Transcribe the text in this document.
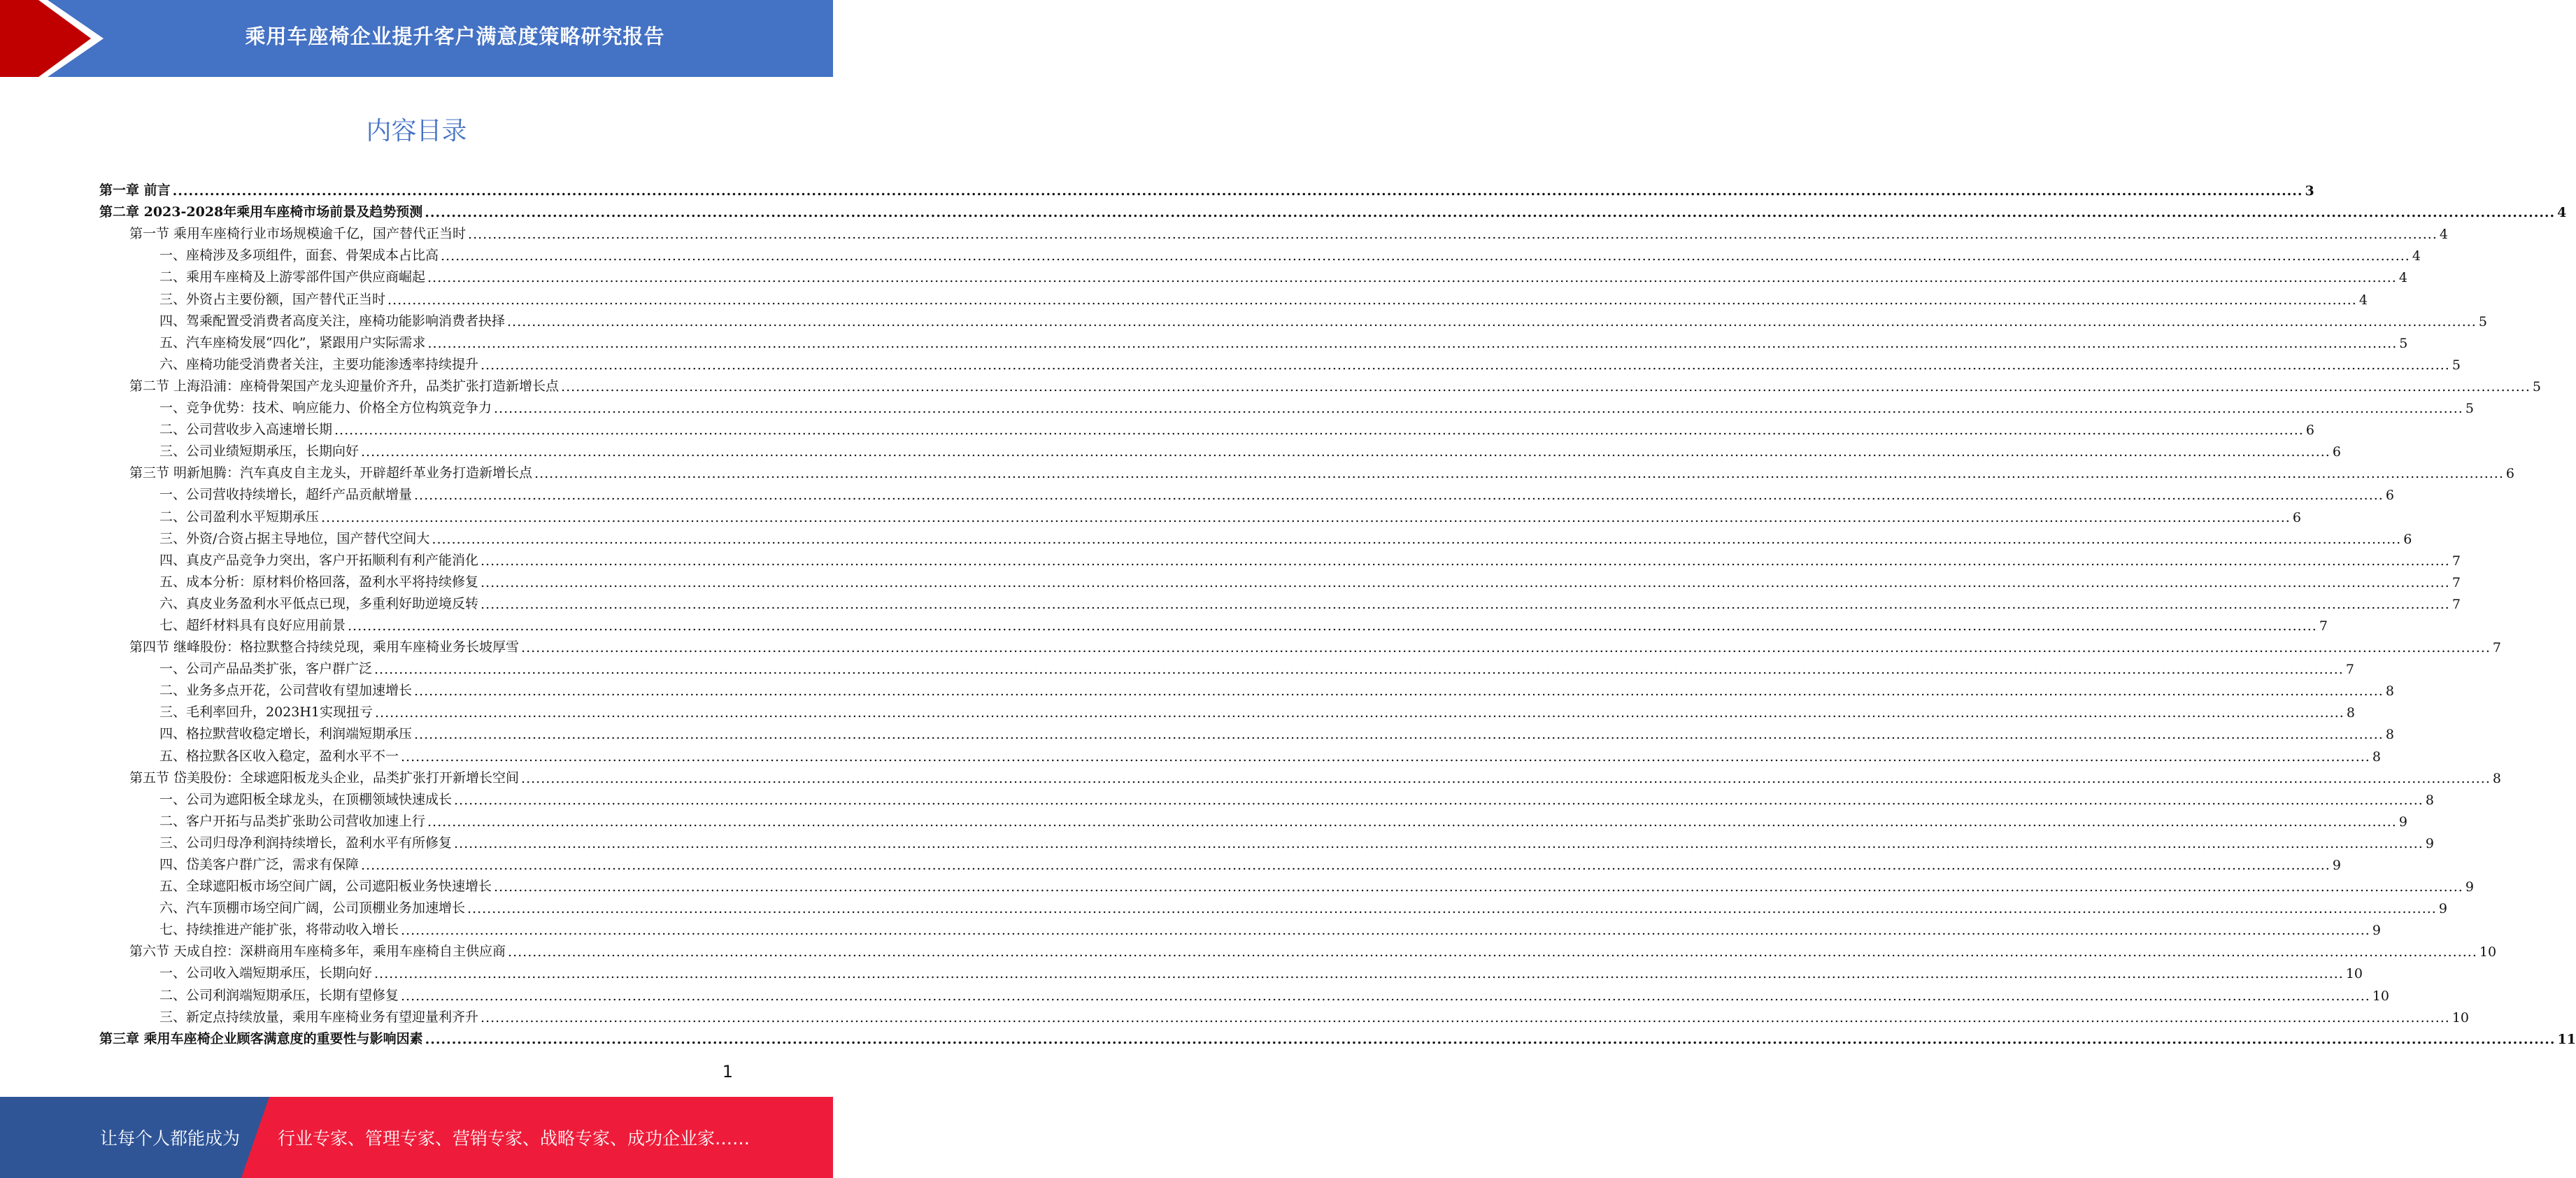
乘用车座椅企业提升客户满意度策略研究报告
内容目录
第一章 前言 ................................................................................................................................................................................................................................................................................................................................................................................................................ 3
第二章 2023-2028年乘用车座椅市场前景及趋势预测 ................................................................................................................................................................................................................................................................................................................................................................................................................ 4
第一节 乘用车座椅行业市场规模逾千亿，国产替代正当时 ................................................................................................................................................................................................................................................................................................................................................................................................................ 4
一、座椅涉及多项组件，面套、骨架成本占比高 ................................................................................................................................................................................................................................................................................................................................................................................................................ 4
二、乘用车座椅及上游零部件国产供应商崛起 ................................................................................................................................................................................................................................................................................................................................................................................................................ 4
三、外资占主要份额，国产替代正当时 ................................................................................................................................................................................................................................................................................................................................................................................................................ 4
四、驾乘配置受消费者高度关注，座椅功能影响消费者抉择 ................................................................................................................................................................................................................................................................................................................................................................................................................ 5
五、汽车座椅发展“四化”，紧跟用户实际需求 ................................................................................................................................................................................................................................................................................................................................................................................................................ 5
六、座椅功能受消费者关注，主要功能渗透率持续提升 ................................................................................................................................................................................................................................................................................................................................................................................................................ 5
第二节 上海沿浦：座椅骨架国产龙头迎量价齐升，品类扩张打造新增长点 ................................................................................................................................................................................................................................................................................................................................................................................................................ 5
一、竞争优势：技术、响应能力、价格全方位构筑竞争力 ................................................................................................................................................................................................................................................................................................................................................................................................................ 5
二、公司营收步入高速增长期 ................................................................................................................................................................................................................................................................................................................................................................................................................ 6
三、公司业绩短期承压，长期向好 ................................................................................................................................................................................................................................................................................................................................................................................................................ 6
第三节 明新旭腾：汽车真皮自主龙头，开辟超纤革业务打造新增长点 ................................................................................................................................................................................................................................................................................................................................................................................................................ 6
一、公司营收持续增长，超纤产品贡献增量 ................................................................................................................................................................................................................................................................................................................................................................................................................ 6
二、公司盈利水平短期承压 ................................................................................................................................................................................................................................................................................................................................................................................................................ 6
三、外资/合资占据主导地位，国产替代空间大 ................................................................................................................................................................................................................................................................................................................................................................................................................ 6
四、真皮产品竞争力突出，客户开拓顺利有利产能消化 ................................................................................................................................................................................................................................................................................................................................................................................................................ 7
五、成本分析：原材料价格回落，盈利水平将持续修复 ................................................................................................................................................................................................................................................................................................................................................................................................................ 7
六、真皮业务盈利水平低点已现，多重利好助逆境反转 ................................................................................................................................................................................................................................................................................................................................................................................................................ 7
七、超纤材料具有良好应用前景 ................................................................................................................................................................................................................................................................................................................................................................................................................ 7
第四节 继峰股份：格拉默整合持续兑现，乘用车座椅业务长坡厚雪 ................................................................................................................................................................................................................................................................................................................................................................................................................ 7
一、公司产品品类扩张，客户群广泛 ................................................................................................................................................................................................................................................................................................................................................................................................................ 7
二、业务多点开花，公司营收有望加速增长 ................................................................................................................................................................................................................................................................................................................................................................................................................ 8
三、毛利率回升，2023H1实现扭亏 ................................................................................................................................................................................................................................................................................................................................................................................................................ 8
四、格拉默营收稳定增长，利润端短期承压 ................................................................................................................................................................................................................................................................................................................................................................................................................ 8
五、格拉默各区收入稳定，盈利水平不一 ................................................................................................................................................................................................................................................................................................................................................................................................................ 8
第五节 岱美股份：全球遮阳板龙头企业，品类扩张打开新增长空间 ................................................................................................................................................................................................................................................................................................................................................................................................................ 8
一、公司为遮阳板全球龙头，在顶棚领域快速成长 ................................................................................................................................................................................................................................................................................................................................................................................................................ 8
二、客户开拓与品类扩张助公司营收加速上行 ................................................................................................................................................................................................................................................................................................................................................................................................................ 9
三、公司归母净利润持续增长，盈利水平有所修复 ................................................................................................................................................................................................................................................................................................................................................................................................................ 9
四、岱美客户群广泛，需求有保障 ................................................................................................................................................................................................................................................................................................................................................................................................................ 9
五、全球遮阳板市场空间广阔，公司遮阳板业务快速增长 ................................................................................................................................................................................................................................................................................................................................................................................................................ 9
六、汽车顶棚市场空间广阔，公司顶棚业务加速增长 ................................................................................................................................................................................................................................................................................................................................................................................................................ 9
七、持续推进产能扩张，将带动收入增长 ................................................................................................................................................................................................................................................................................................................................................................................................................ 9
第六节 天成自控：深耕商用车座椅多年，乘用车座椅自主供应商 ................................................................................................................................................................................................................................................................................................................................................................................................................ 10
一、公司收入端短期承压，长期向好 ................................................................................................................................................................................................................................................................................................................................................................................................................ 10
二、公司利润端短期承压，长期有望修复 ................................................................................................................................................................................................................................................................................................................................................................................................................ 10
三、新定点持续放量，乘用车座椅业务有望迎量利齐升 ................................................................................................................................................................................................................................................................................................................................................................................................................ 10
第三章 乘用车座椅企业顾客满意度的重要性与影响因素 ................................................................................................................................................................................................................................................................................................................................................................................................................ 11
1
让每个人都能成为 行业专家、管理专家、营销专家、战略专家、成功企业家……
